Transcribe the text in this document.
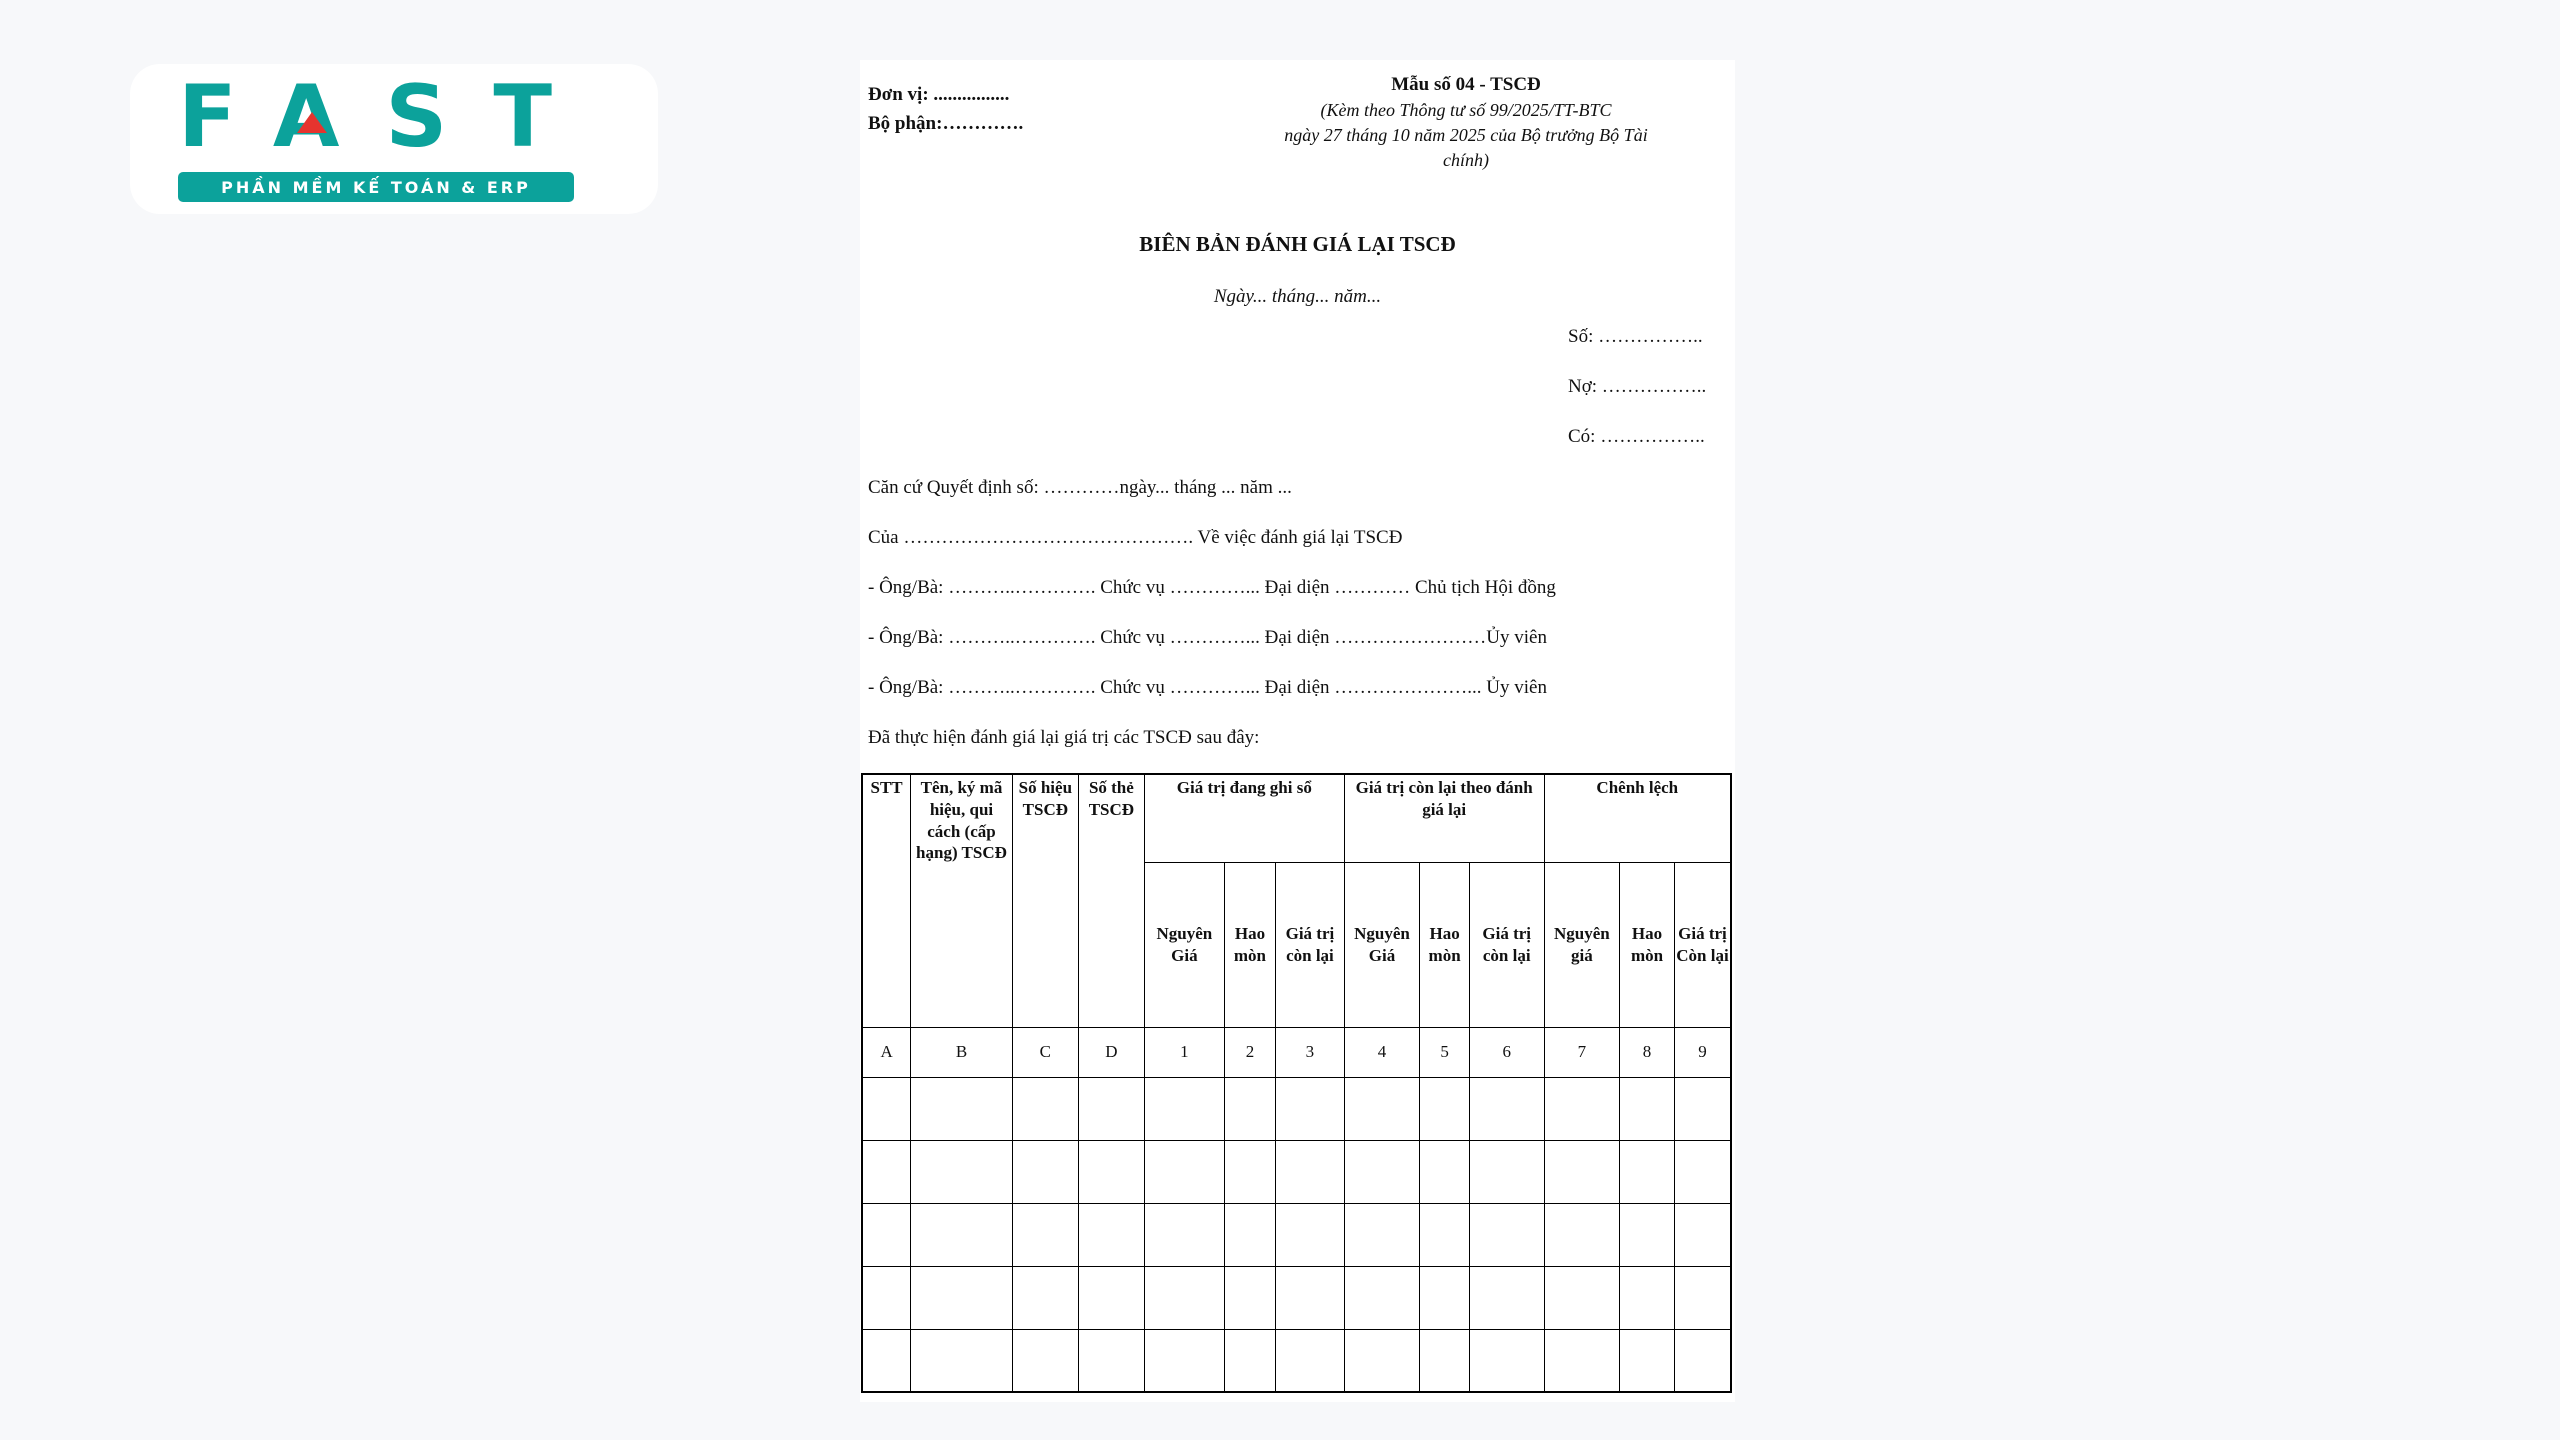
FAST
PHẦN MỀM KẾ TOÁN & ERP
Đơn vị: ................
Bộ phận:………….
Mẫu số 04 - TSCĐ
(Kèm theo Thông tư số 99/2025/TT-BTC
ngày 27 tháng 10 năm 2025 của Bộ trưởng Bộ Tài
chính)
BIÊN BẢN ĐÁNH GIÁ LẠI TSCĐ
Ngày... tháng... năm...
Số: ……………..
Nợ: ……………..
Có: ……………..
Căn cứ Quyết định số: …………ngày... tháng ... năm ...
Của ………………………………………. Về việc đánh giá lại TSCĐ
- Ông/Bà: ………..…………. Chức vụ …………... Đại diện ………… Chủ tịch Hội đồng
- Ông/Bà: ………..…………. Chức vụ …………... Đại diện ……………………Ủy viên
- Ông/Bà: ………..…………. Chức vụ …………... Đại diện …………………... Ủy viên
Đã thực hiện đánh giá lại giá trị các TSCĐ sau đây:
STT	Tên, ký mã hiệu, qui cách (cấp hạng) TSCĐ	Số hiệu TSCĐ	Số thẻ TSCĐ	Giá trị đang ghi sổ			Giá trị còn lại theo đánh giá lại			Chênh lệch		
				Nguyên Giá	Hao mòn	Giá trị còn lại	Nguyên Giá	Hao mòn	Giá trị còn lại	Nguyên giá	Hao mòn	Giá trị Còn lại
A	B	C	D	1	2	3	4	5	6	7	8	9
